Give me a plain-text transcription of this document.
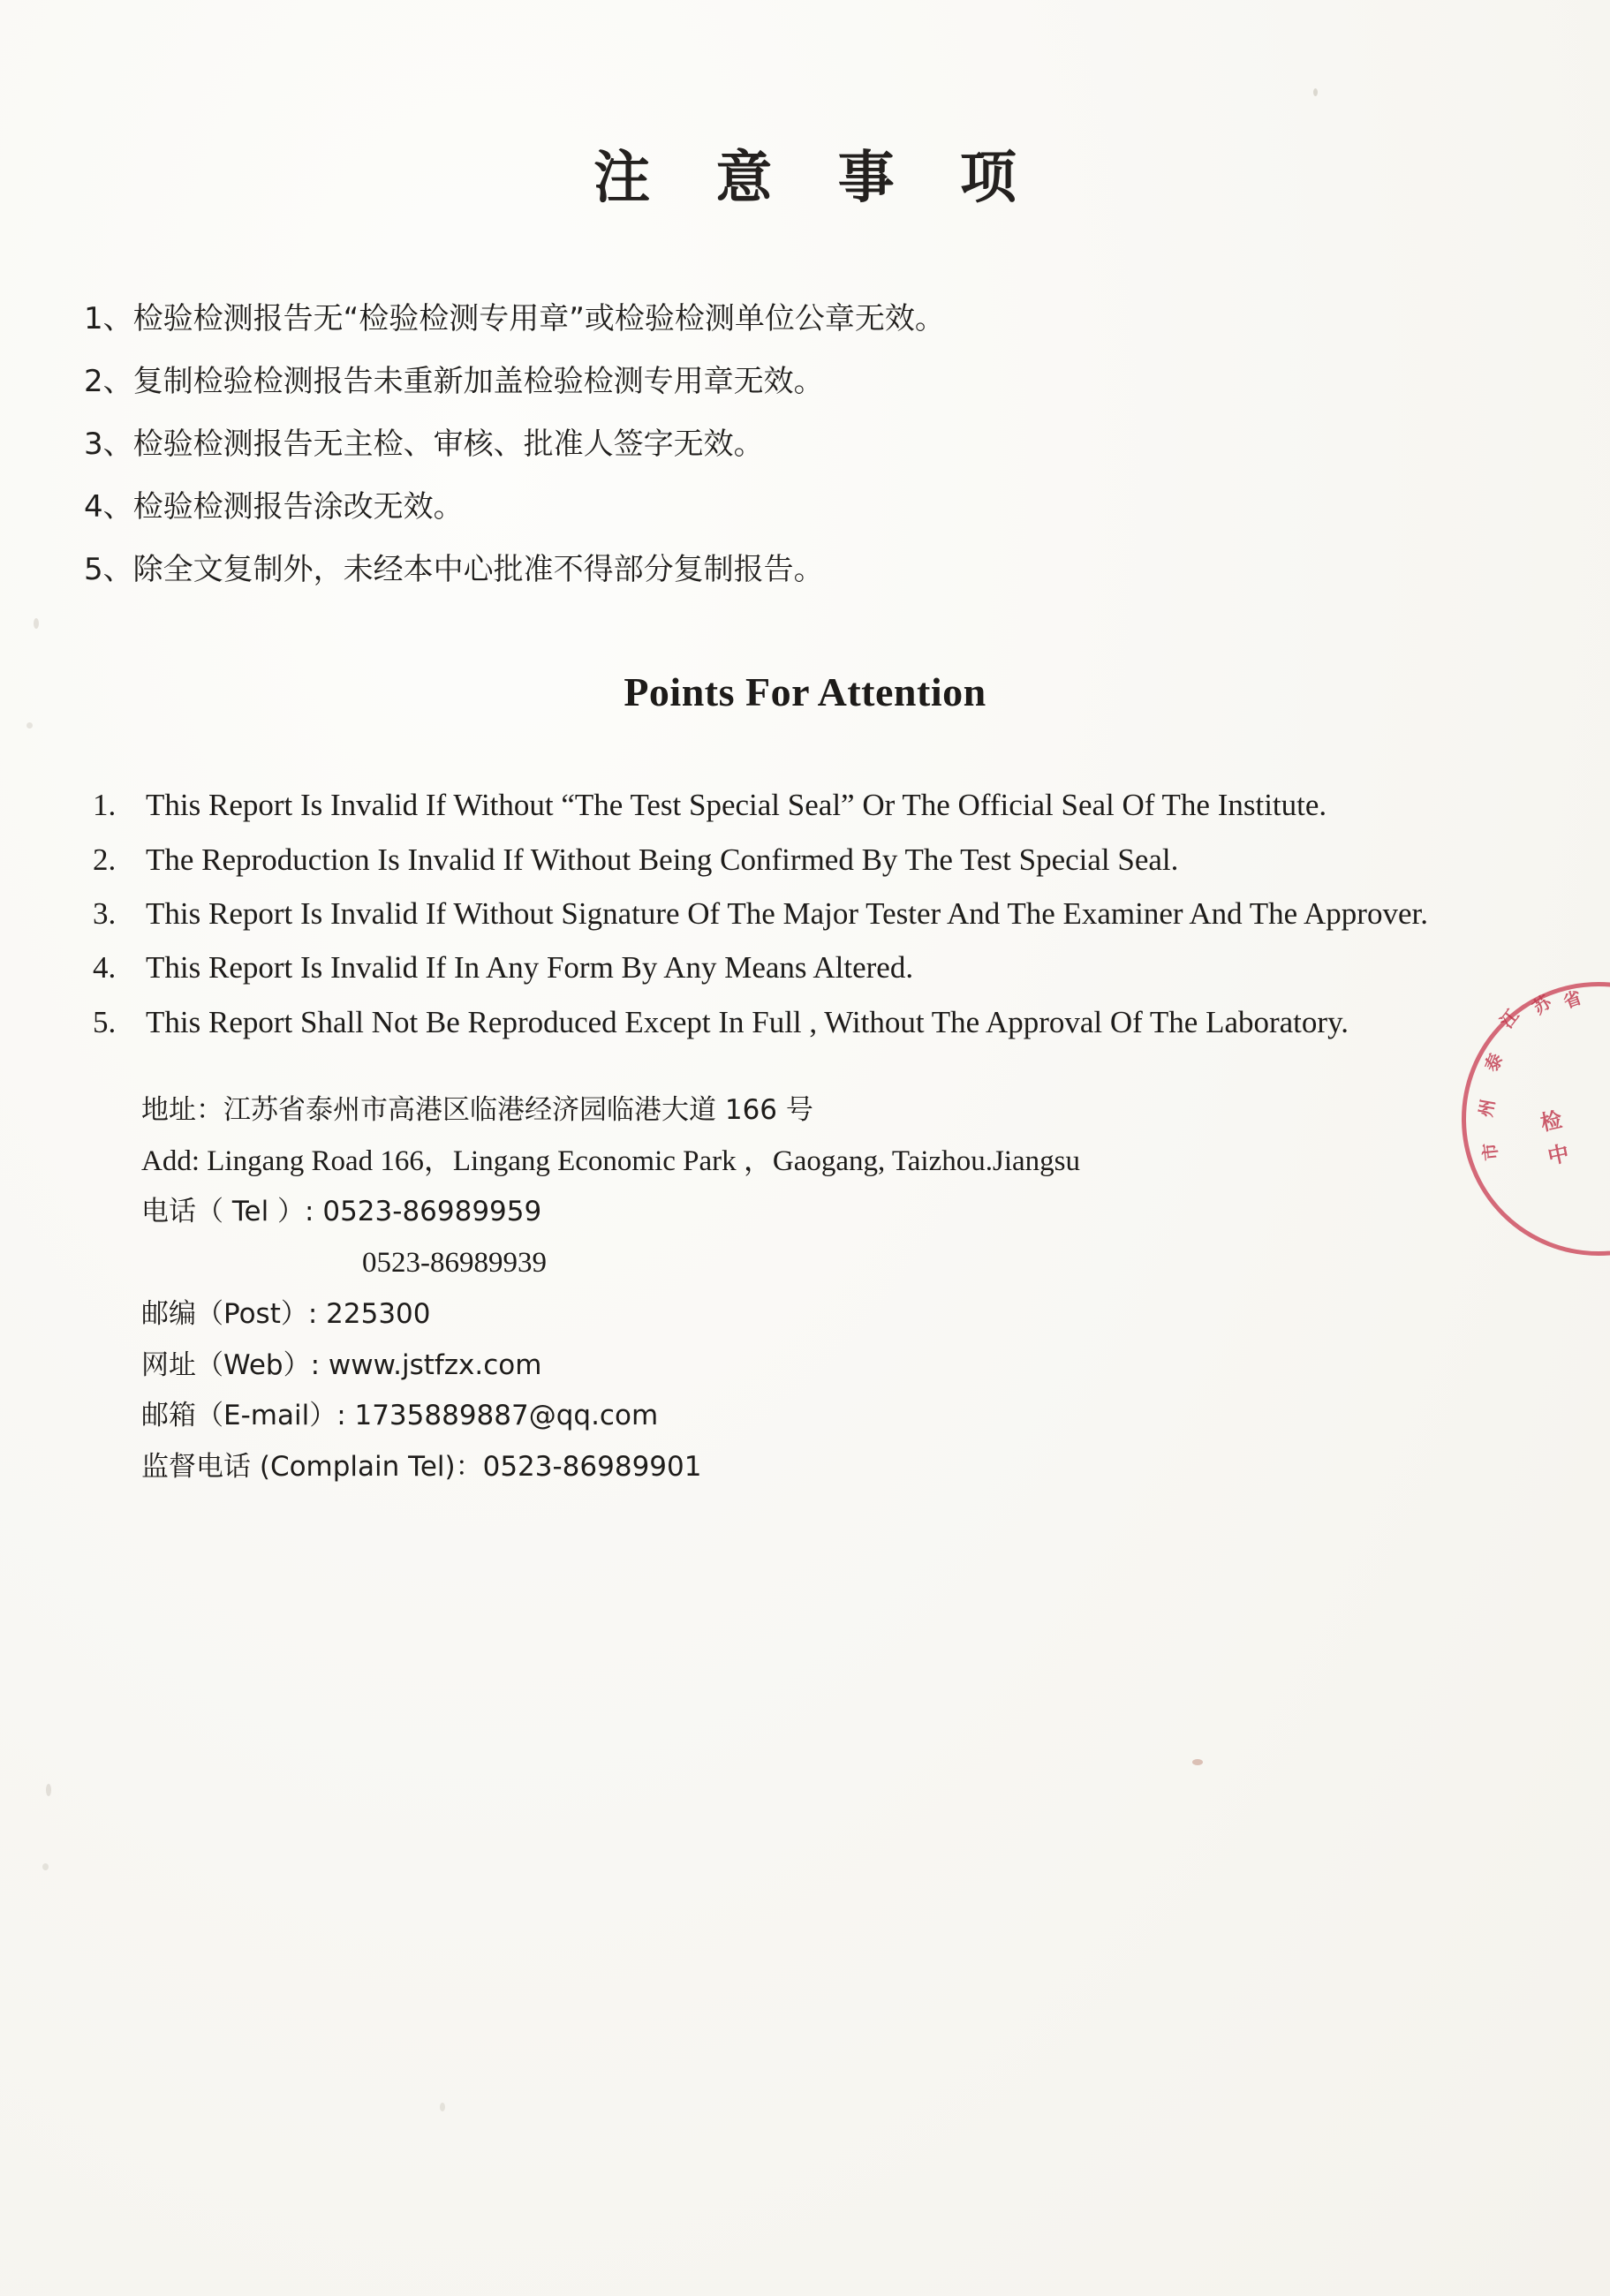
注 意 事 项
1、检验检测报告无“检验检测专用章”或检验检测单位公章无效。
2、复制检验检测报告未重新加盖检验检测专用章无效。
3、检验检测报告无主检、审核、批准人签字无效。
4、检验检测报告涂改无效。
5、除全文复制外，未经本中心批准不得部分复制报告。
Points For Attention
1. This Report Is Invalid If Without “The Test Special Seal” Or The Official Seal Of The Institute.
2. The Reproduction Is Invalid If Without Being Confirmed By The Test Special Seal.
3. This Report Is Invalid If Without Signature Of The Major Tester And The Examiner And The Approver.
4. This Report Is Invalid If In Any Form By Any Means Altered.
5. This Report Shall Not Be Reproduced Except In Full , Without The Approval Of The Laboratory.
地址：江苏省泰州市高港区临港经济园临港大道 166 号
Add: Lingang Road 166，Lingang Economic Park ，Gaogang, Taizhou.Jiangsu
电话（ Tel ）: 0523-86989959
0523-86989939
邮编（Post）: 225300
网址（Web）: www.jstfzx.com
邮箱（E-mail）: 1735889887@qq.com
监督电话 (Complain Tel)：0523-86989901
江
苏 省
泰
州
市
检
中
